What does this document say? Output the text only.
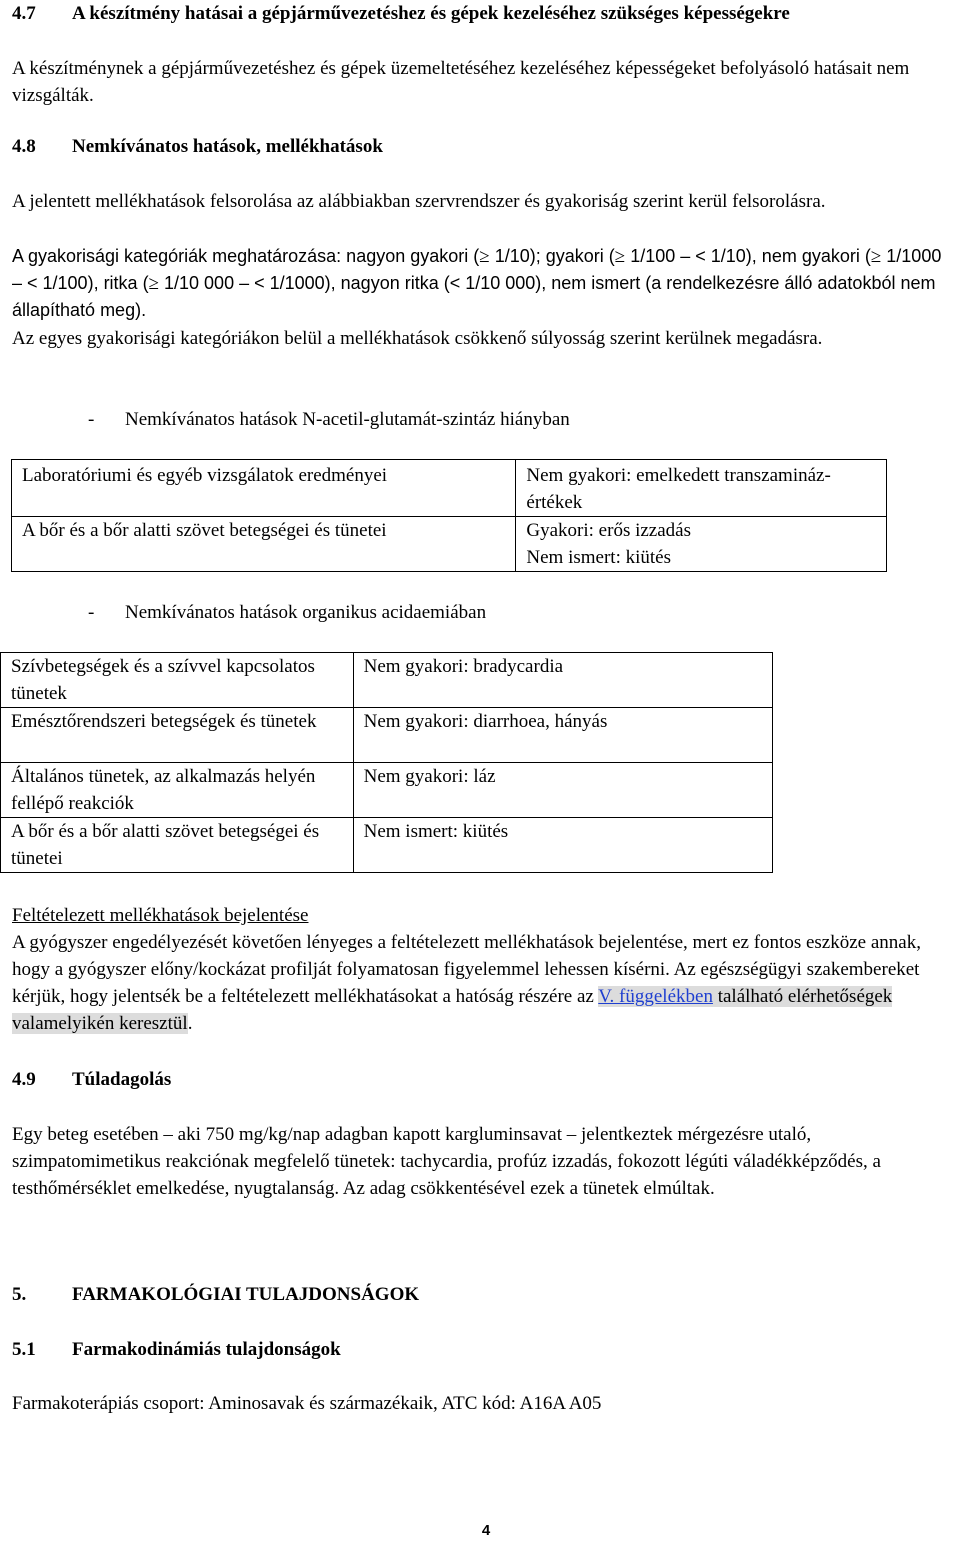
4.7 A készítmény hatásai a gépjárművezetéshez és gépek kezeléséhez szükséges képességekre

A készítménynek a gépjárművezetéshez és gépek üzemeltetéséhez kezeléséhez képességeket befolyásoló hatásait nem vizsgálták.

4.8 Nemkívánatos hatások, mellékhatások

A jelentett mellékhatások felsorolása az alábbiakban szervrendszer és gyakoriság szerint kerül felsorolásra.

A gyakorisági kategóriák meghatározása: nagyon gyakori (≥ 1/10); gyakori (≥ 1/100 – < 1/10), nem gyakori (≥ 1/1000 – < 1/100), ritka (≥ 1/10 000 – < 1/1000), nagyon ritka (< 1/10 000), nem ismert (a rendelkezésre álló adatokból nem állapítható meg).

Az egyes gyakorisági kategóriákon belül a mellékhatások csökkenő súlyosság szerint kerülnek megadásra.

- Nemkívánatos hatások N-acetil-glutamát-szintáz hiányban
Laboratóriumi és egyéb vizsgálatok eredményei	Nem gyakori: emelkedett transzamináz-értékek
A bőr és a bőr alatti szövet betegségei és tünetei	Gyakori: erős izzadás
Nem ismert: kiütés
- Nemkívánatos hatások organikus acidaemiában
Szívbetegségek és a szívvel kapcsolatos tünetek	Nem gyakori: bradycardia
Emésztőrendszeri betegségek és tünetek	Nem gyakori: diarrhoea, hányás
Általános tünetek, az alkalmazás helyén fellépő reakciók	Nem gyakori: láz
A bőr és a bőr alatti szövet betegségei és tünetei	Nem ismert: kiütés

Feltételezett mellékhatások bejelentése

A gyógyszer engedélyezését követően lényeges a feltételezett mellékhatások bejelentése, mert ez fontos eszköze annak, hogy a gyógyszer előny/kockázat profilját folyamatosan figyelemmel lehessen kísérni. Az egészségügyi szakembereket kérjük, hogy jelentsék be a feltételezett mellékhatásokat a hatóság részére az V. függelékben található elérhetőségek valamelyikén keresztül.

4.9 Túladagolás

Egy beteg esetében – aki 750 mg/kg/nap adagban kapott kargluminsavat – jelentkeztek mérgezésre utaló, szimpatomimetikus reakciónak megfelelő tünetek: tachycardia, profúz izzadás, fokozott légúti váladékképződés, a testhőmérséklet emelkedése, nyugtalanság. Az adag csökkentésével ezek a tünetek elmúltak.

5. FARMAKOLÓGIAI TULAJDONSÁGOK
5.1 Farmakodinámiás tulajdonságok

Farmakoterápiás csoport: Aminosavak és származékaik, ATC kód: A16A A05

4
